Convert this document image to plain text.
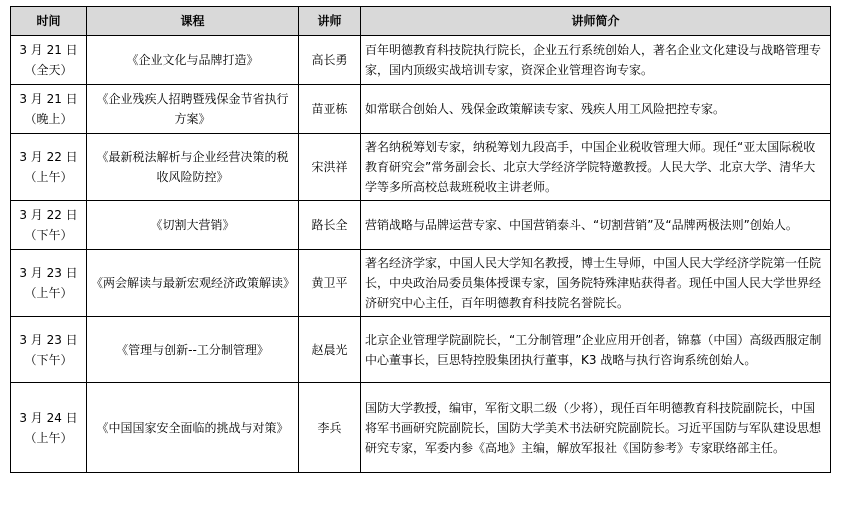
时间	课程	讲师	讲师简介

3 月 21 日
（全天）	《企业文化与品牌打造》	高长勇	百年明德教育科技院执行院长，企业五行系统创始人，著名企业文化建设与战略管理专家，国内顶级实战培训专家，资深企业管理咨询专家。

3 月 21 日
（晚上）	《企业残疾人招聘暨残保金节省执行方案》	苗亚栋	如常联合创始人、残保金政策解读专家、残疾人用工风险把控专家。

3 月 22 日
（上午）	《最新税法解析与企业经营决策的税收风险防控》	宋洪祥	著名纳税筹划专家，纳税筹划九段高手，中国企业税收管理大师。现任“亚太国际税收教育研究会”常务副会长、北京大学经济学院特邀教授。人民大学、北京大学、清华大学等多所高校总裁班税收主讲老师。

3 月 22 日
（下午）	《切割大营销》	路长全	营销战略与品牌运营专家、中国营销泰斗、“切割营销”及“品牌两极法则”创始人。

3 月 23 日
（上午）	《两会解读与最新宏观经济政策解读》	黄卫平	著名经济学家，中国人民大学知名教授，博士生导师，中国人民大学经济学院第一任院长，中央政治局委员集体授课专家，国务院特殊津贴获得者。现任中国人民大学世界经济研究中心主任，百年明德教育科技院名誉院长。

3 月 23 日
（下午）	《管理与创新--工分制管理》	赵晨光	北京企业管理学院副院长，“工分制管理”企业应用开创者，锦慕（中国）高级西服定制中心董事长，巨思特控股集团执行董事，K3 战略与执行咨询系统创始人。

3 月 24 日
（上午）	《中国国家安全面临的挑战与对策》	李兵	国防大学教授，编审，军衔文职二级（少将），现任百年明德教育科技院副院长，中国将军书画研究院副院长，国防大学美术书法研究院副院长。习近平国防与军队建设思想研究专家，军委内参《高地》主编，解放军报社《国防参考》专家联络部主任。
